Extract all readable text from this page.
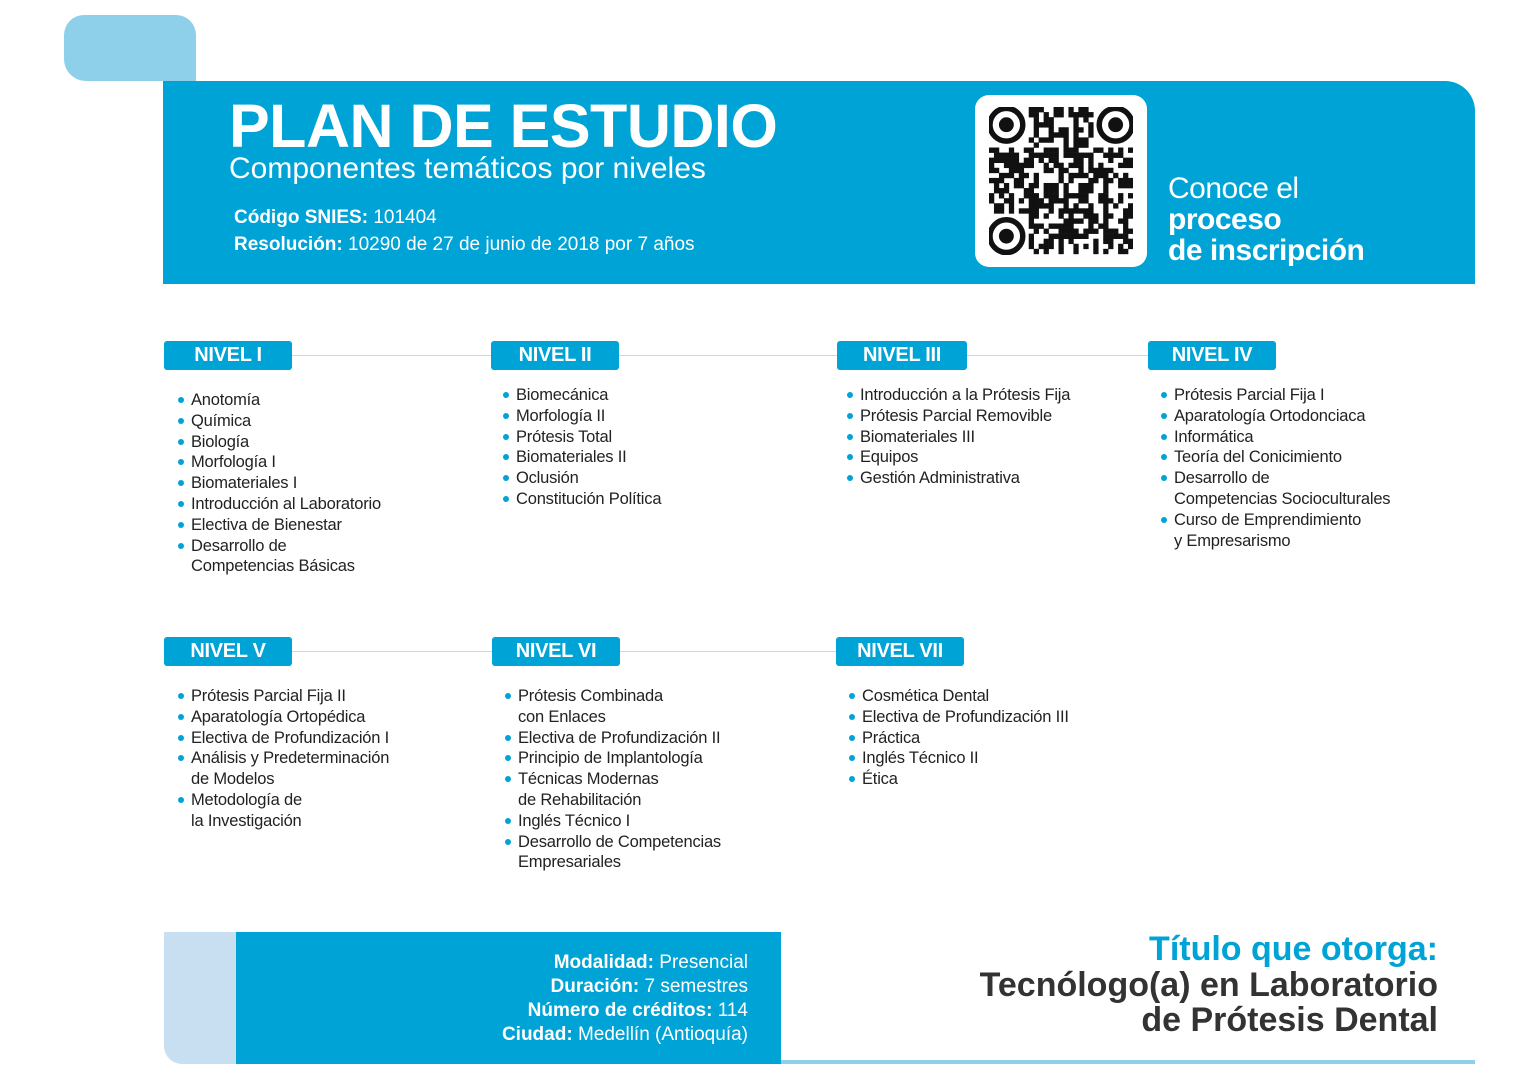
PLAN DE ESTUDIO
Componentes temáticos por niveles
Código SNIES: 101404
Resolución: 10290 de 27 de junio de 2018 por 7 años
Conoce el
proceso
de inscripción
NIVEL I
Anotomía
Química
Biología
Morfología I
Biomateriales I
Introducción al Laboratorio
Electiva de Bienestar
Desarrollo de
Competencias Básicas
NIVEL II
Biomecánica
Morfología II
Prótesis Total
Biomateriales II
Oclusión
Constitución Política
NIVEL III
Introducción a la Prótesis Fija
Prótesis Parcial Removible
Biomateriales III
Equipos
Gestión Administrativa
NIVEL IV
Prótesis Parcial Fija I
Aparatología Ortodonciaca
Informática
Teoría del Conicimiento
Desarrollo de
Competencias Socioculturales
Curso de Emprendimiento
y Empresarismo
NIVEL V
Prótesis Parcial Fija II
Aparatología Ortopédica
Electiva de Profundización I
Análisis y Predeterminación
de Modelos
Metodología de
la Investigación
NIVEL VI
Prótesis Combinada
con Enlaces
Electiva de Profundización II
Principio de Implantología
Técnicas Modernas
de Rehabilitación
Inglés Técnico I
Desarrollo de Competencias
Empresariales
NIVEL VII
Cosmética Dental
Electiva de Profundización III
Práctica
Inglés Técnico II
Ética
Modalidad: Presencial
Duración: 7 semestres
Número de créditos: 114
Ciudad: Medellín (Antioquía)
Título que otorga:
Tecnólogo(a) en Laboratorio
de Prótesis Dental
